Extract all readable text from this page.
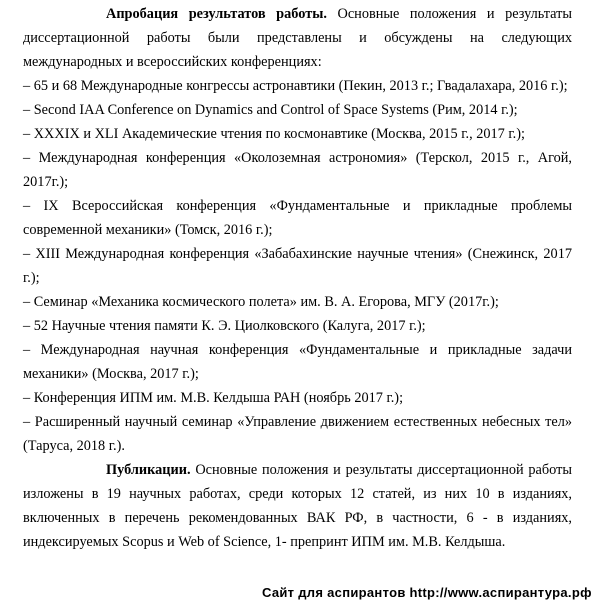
Апробация результатов работы. Основные положения и результаты диссертационной работы были представлены и обсуждены на следующих международных и всероссийских конференциях:

– 65 и 68 Международные конгрессы астронавтики (Пекин, 2013 г.; Гвадалахара, 2016 г.);

– Second IAA Conference on Dynamics and Control of Space Systems (Рим, 2014 г.);

– XXXIX и XLI Академические чтения по космонавтике (Москва, 2015 г., 2017 г.);

– Международная конференция «Околоземная астрономия» (Терскол, 2015 г., Агой, 2017г.);

– IX Всероссийская конференция «Фундаментальные и прикладные проблемы современной механики» (Томск, 2016 г.);

– XIII Международная конференция «Забабахинские научные чтения» (Снежинск, 2017 г.);

– Семинар «Механика космического полета» им. В. А. Егорова, МГУ (2017г.);

– 52 Научные чтения памяти К. Э. Циолковского (Калуга, 2017 г.);

– Международная научная конференция «Фундаментальные и прикладные задачи механики» (Москва, 2017 г.);

– Конференция ИПМ им. М.В. Келдыша РАН (ноябрь 2017 г.);

– Расширенный научный семинар «Управление движением естественных небесных тел» (Таруса, 2018 г.).

Публикации. Основные положения и результаты диссертационной работы изложены в 19 научных работах, среди которых 12 статей, из них 10 в изданиях, включенных в перечень рекомендованных ВАК РФ, в частности, 6 - в изданиях, индексируемых Scopus и Web of Science, 1- препринт ИПМ им. М.В. Келдыша.

Сайт для аспирантов http://www.аспирантура.рф
